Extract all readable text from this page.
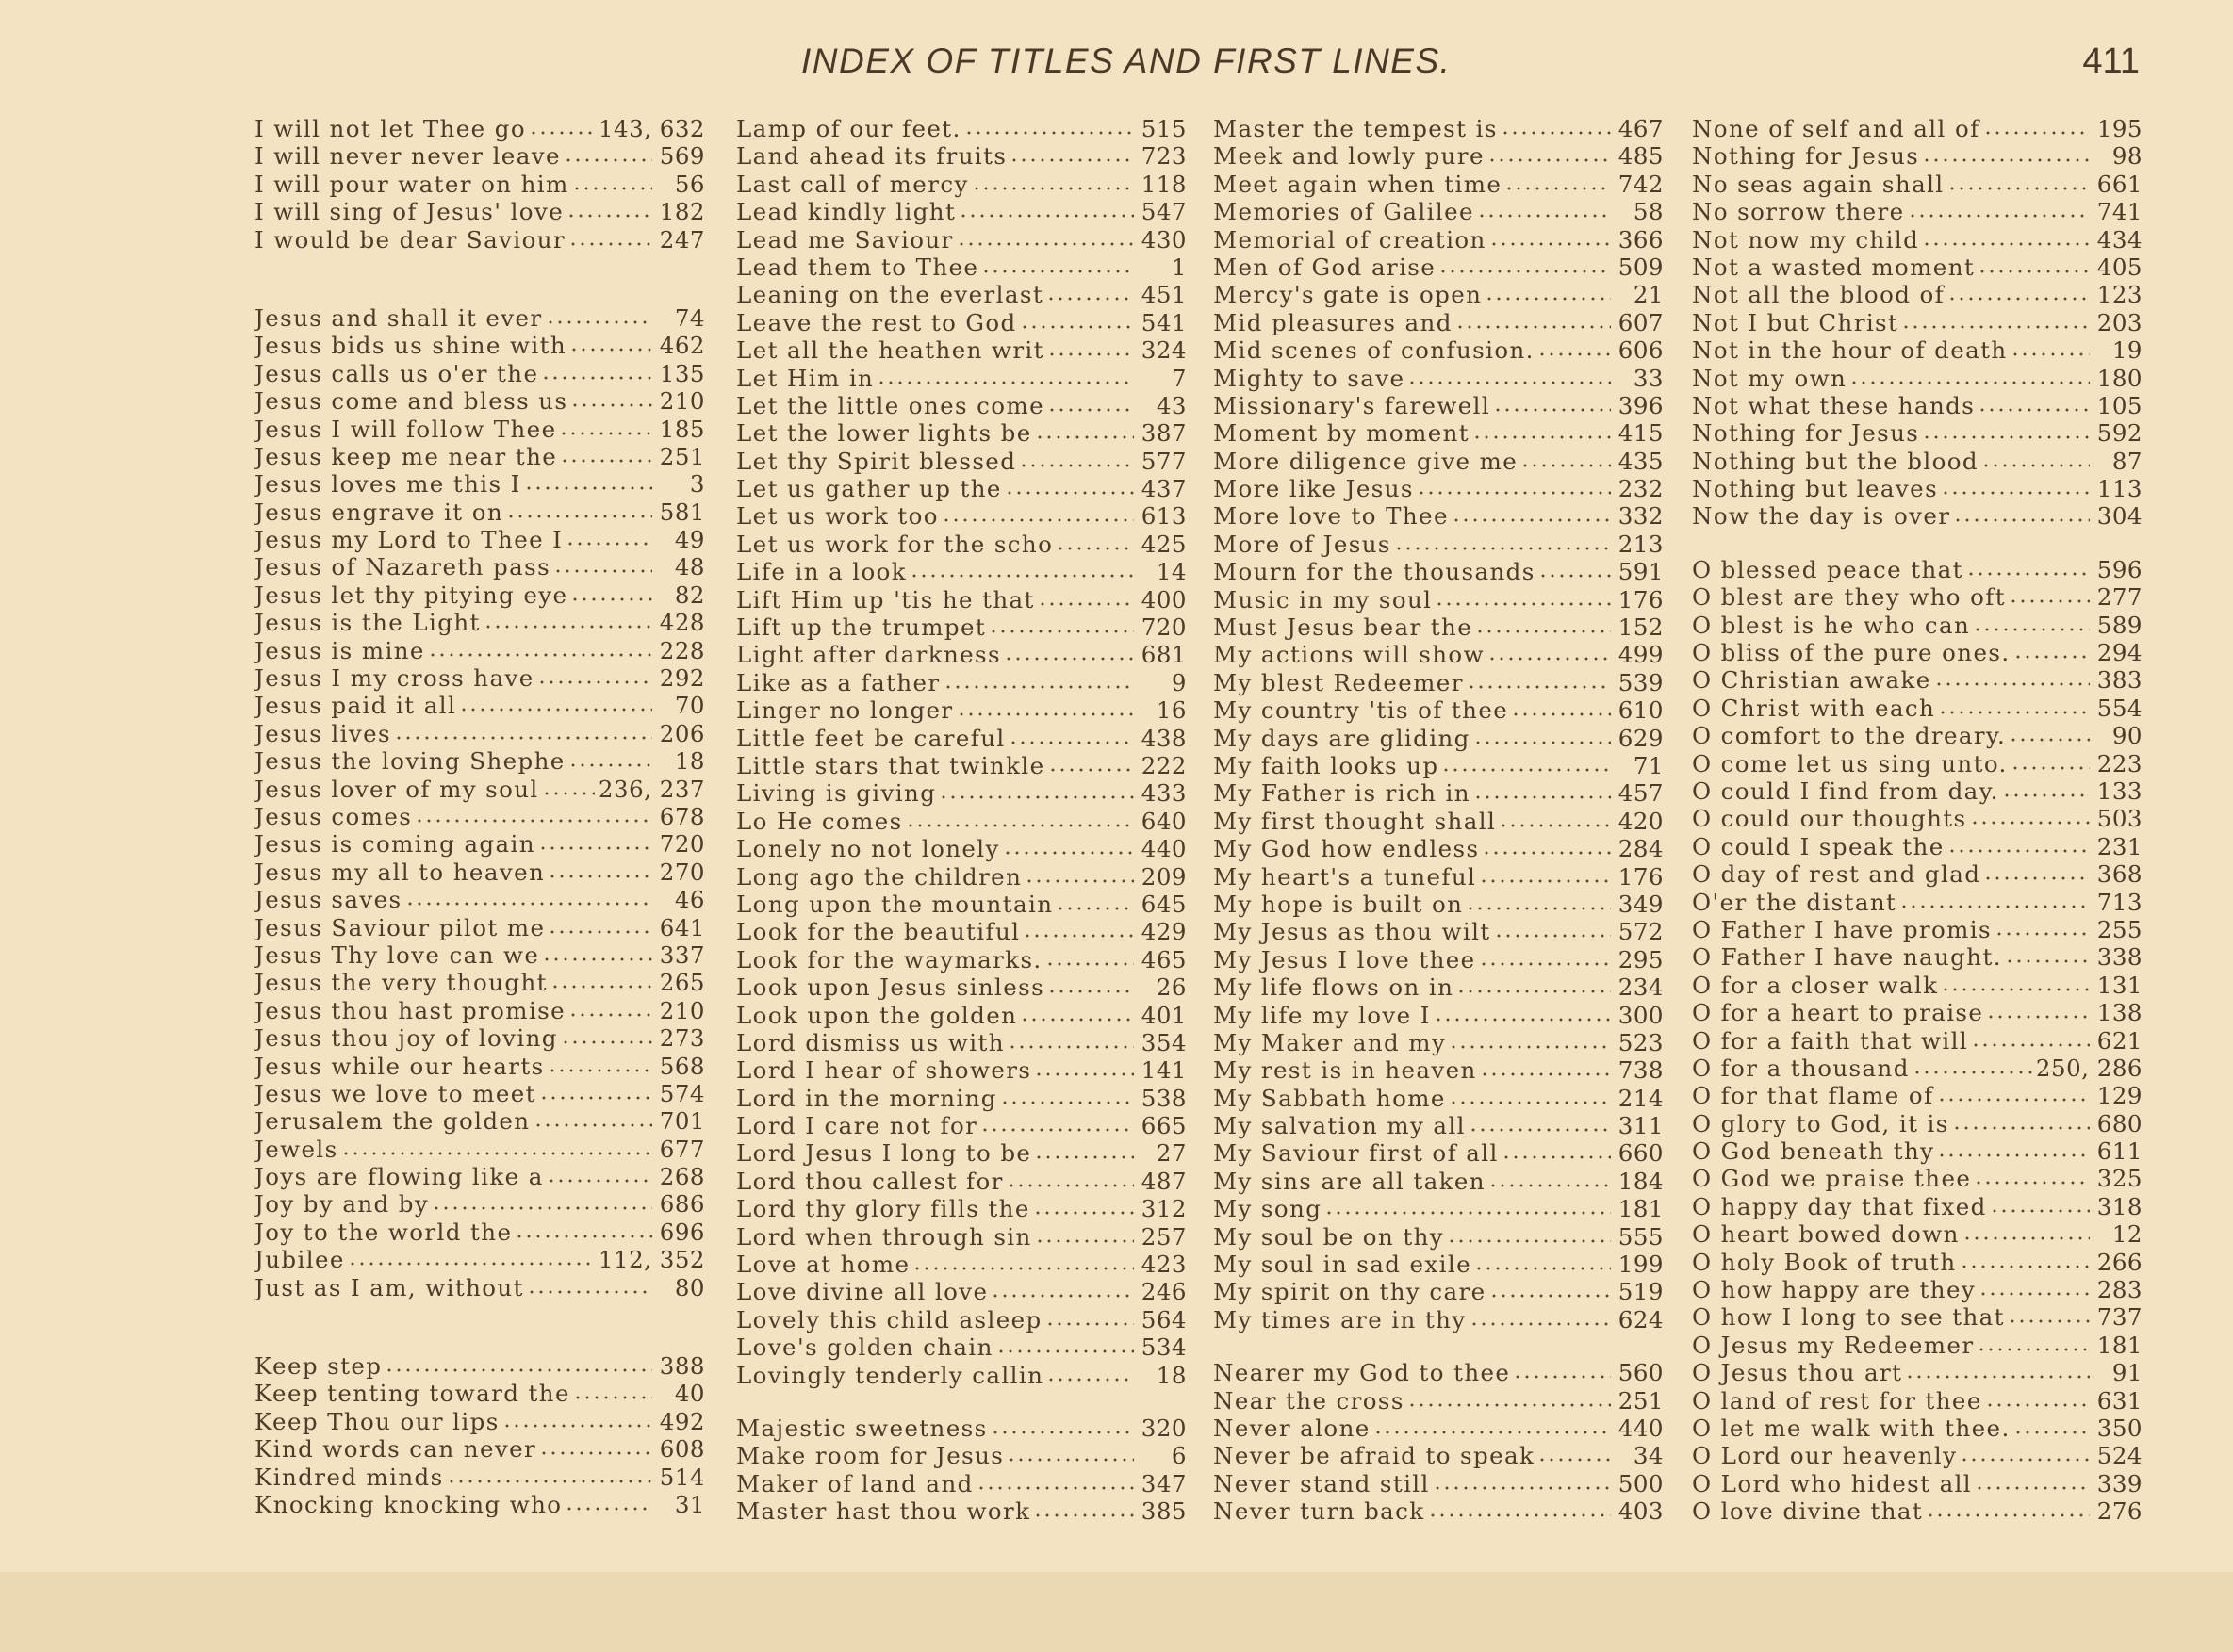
INDEX OF TITLES AND FIRST LINES.	411
I will not let Thee go	143, 632
I will never never leave	569
I will pour water on him	56
I will sing of Jesus' love	182
I would be dear Saviour	247
Jesus and shall it ever	74
Jesus bids us shine with	462
Jesus calls us o'er the	135
Jesus come and bless us	210
Jesus I will follow Thee	185
Jesus keep me near the	251
Jesus loves me this I	3
Jesus engrave it on	581
Jesus my Lord to Thee I	49
Jesus of Nazareth pass	48
Jesus let thy pitying eye	82
Jesus is the Light	428
Jesus is mine	228
Jesus I my cross have	292
Jesus paid it all	70
Jesus lives	206
Jesus the loving Shephe	18
Jesus lover of my soul	236, 237
Jesus comes	678
Jesus is coming again	720
Jesus my all to heaven	270
Jesus saves	46
Jesus Saviour pilot me	641
Jesus Thy love can we	337
Jesus the very thought	265
Jesus thou hast promise	210
Jesus thou joy of loving	273
Jesus while our hearts	568
Jesus we love to meet	574
Jerusalem the golden	701
Jewels	677
Joys are flowing like a	268
Joy by and by	686
Joy to the world the	696
Jubilee	112, 352
Just as I am, without	80
Keep step	388
Keep tenting toward the	40
Keep Thou our lips	492
Kind words can never	608
Kindred minds	514
Knocking knocking who	31
Lamp of our feet.	515
Land ahead its fruits	723
Last call of mercy	118
Lead kindly light	547
Lead me Saviour	430
Lead them to Thee	1
Leaning on the everlast	451
Leave the rest to God	541
Let all the heathen writ	324
Let Him in	7
Let the little ones come	43
Let the lower lights be	387
Let thy Spirit blessed	577
Let us gather up the	437
Let us work too	613
Let us work for the scho	425
Life in a look	14
Lift Him up 'tis he that	400
Lift up the trumpet	720
Light after darkness	681
Like as a father	9
Linger no longer	16
Little feet be careful	438
Little stars that twinkle	222
Living is giving	433
Lo He comes	640
Lonely no not lonely	440
Long ago the children	209
Long upon the mountain	645
Look for the beautiful	429
Look for the waymarks.	465
Look upon Jesus sinless	26
Look upon the golden	401
Lord dismiss us with	354
Lord I hear of showers	141
Lord in the morning	538
Lord I care not for	665
Lord Jesus I long to be	27
Lord thou callest for	487
Lord thy glory fills the	312
Lord when through sin	257
Love at home	423
Love divine all love	246
Lovely this child asleep	564
Love's golden chain	534
Lovingly tenderly callin	18
Majestic sweetness	320
Make room for Jesus	6
Maker of land and	347
Master hast thou work	385
Master the tempest is	467
Meek and lowly pure	485
Meet again when time	742
Memories of Galilee	58
Memorial of creation	366
Men of God arise	509
Mercy's gate is open	21
Mid pleasures and	607
Mid scenes of confusion.	606
Mighty to save	33
Missionary's farewell	396
Moment by moment	415
More diligence give me	435
More like Jesus	232
More love to Thee	332
More of Jesus	213
Mourn for the thousands	591
Music in my soul	176
Must Jesus bear the	152
My actions will show	499
My blest Redeemer	539
My country 'tis of thee	610
My days are gliding	629
My faith looks up	71
My Father is rich in	457
My first thought shall	420
My God how endless	284
My heart's a tuneful	176
My hope is built on	349
My Jesus as thou wilt	572
My Jesus I love thee	295
My life flows on in	234
My life my love I	300
My Maker and my	523
My rest is in heaven	738
My Sabbath home	214
My salvation my all	311
My Saviour first of all	660
My sins are all taken	184
My song	181
My soul be on thy	555
My soul in sad exile	199
My spirit on thy care	519
My times are in thy	624
Nearer my God to thee	560
Near the cross	251
Never alone	440
Never be afraid to speak	34
Never stand still	500
Never turn back	403
None of self and all of	195
Nothing for Jesus	98
No seas again shall	661
No sorrow there	741
Not now my child	434
Not a wasted moment	405
Not all the blood of	123
Not I but Christ	203
Not in the hour of death	19
Not my own	180
Not what these hands	105
Nothing for Jesus	592
Nothing but the blood	87
Nothing but leaves	113
Now the day is over	304
O blessed peace that	596
O blest are they who oft	277
O blest is he who can	589
O bliss of the pure ones.	294
O Christian awake	383
O Christ with each	554
O comfort to the dreary.	90
O come let us sing unto.	223
O could I find from day.	133
O could our thoughts	503
O could I speak the	231
O day of rest and glad	368
O'er the distant	713
O Father I have promis	255
O Father I have naught.	338
O for a closer walk	131
O for a heart to praise	138
O for a faith that will	621
O for a thousand	250, 286
O for that flame of	129
O glory to God, it is	680
O God beneath thy	611
O God we praise thee	325
O happy day that fixed	318
O heart bowed down	12
O holy Book of truth	266
O how happy are they	283
O how I long to see that	737
O Jesus my Redeemer	181
O Jesus thou art	91
O land of rest for thee	631
O let me walk with thee.	350
O Lord our heavenly	524
O Lord who hidest all	339
O love divine that	276
